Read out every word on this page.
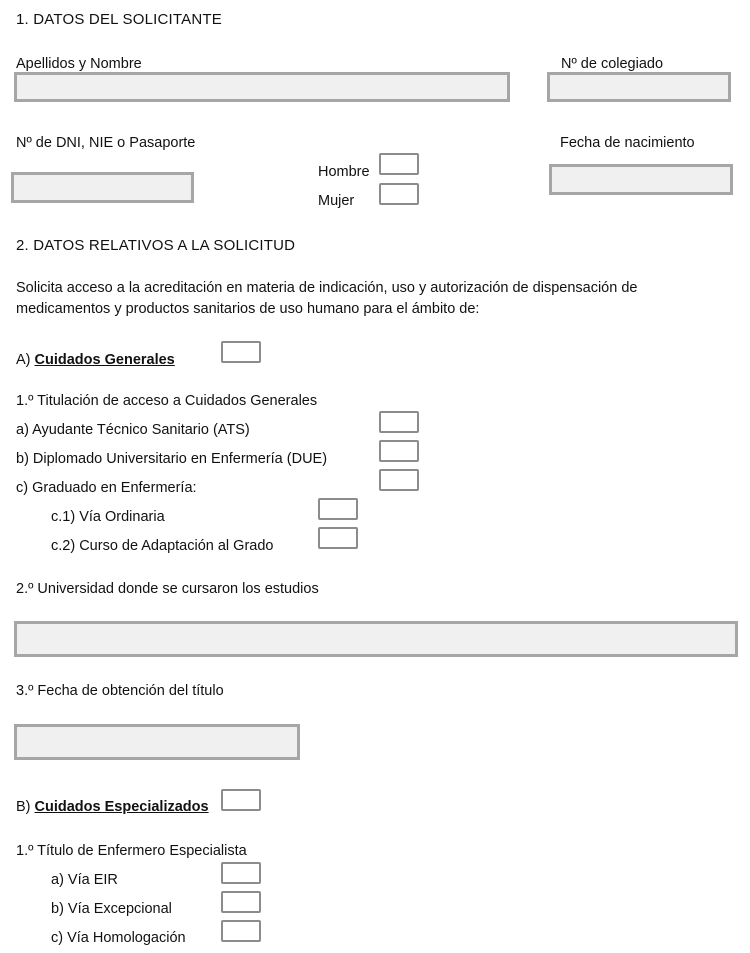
1. DATOS DEL SOLICITANTE
Apellidos y Nombre	Nº de colegiado
Nº de DNI, NIE o Pasaporte	Fecha de nacimiento
Hombre
Mujer
2. DATOS RELATIVOS A LA SOLICITUD
Solicita acceso a la acreditación en materia de indicación, uso y autorización de dispensación de
medicamentos y productos sanitarios de uso humano para el ámbito de:
A) Cuidados Generales
1.º Titulación de acceso a Cuidados Generales
a) Ayudante Técnico Sanitario (ATS)
b) Diplomado Universitario en Enfermería (DUE)
c) Graduado en Enfermería:
c.1) Vía Ordinaria
c.2) Curso de Adaptación al Grado
2.º Universidad donde se cursaron los estudios
3.º Fecha de obtención del título
B) Cuidados Especializados
1.º Título de Enfermero Especialista
a) Vía EIR
b) Vía Excepcional
c) Vía Homologación
